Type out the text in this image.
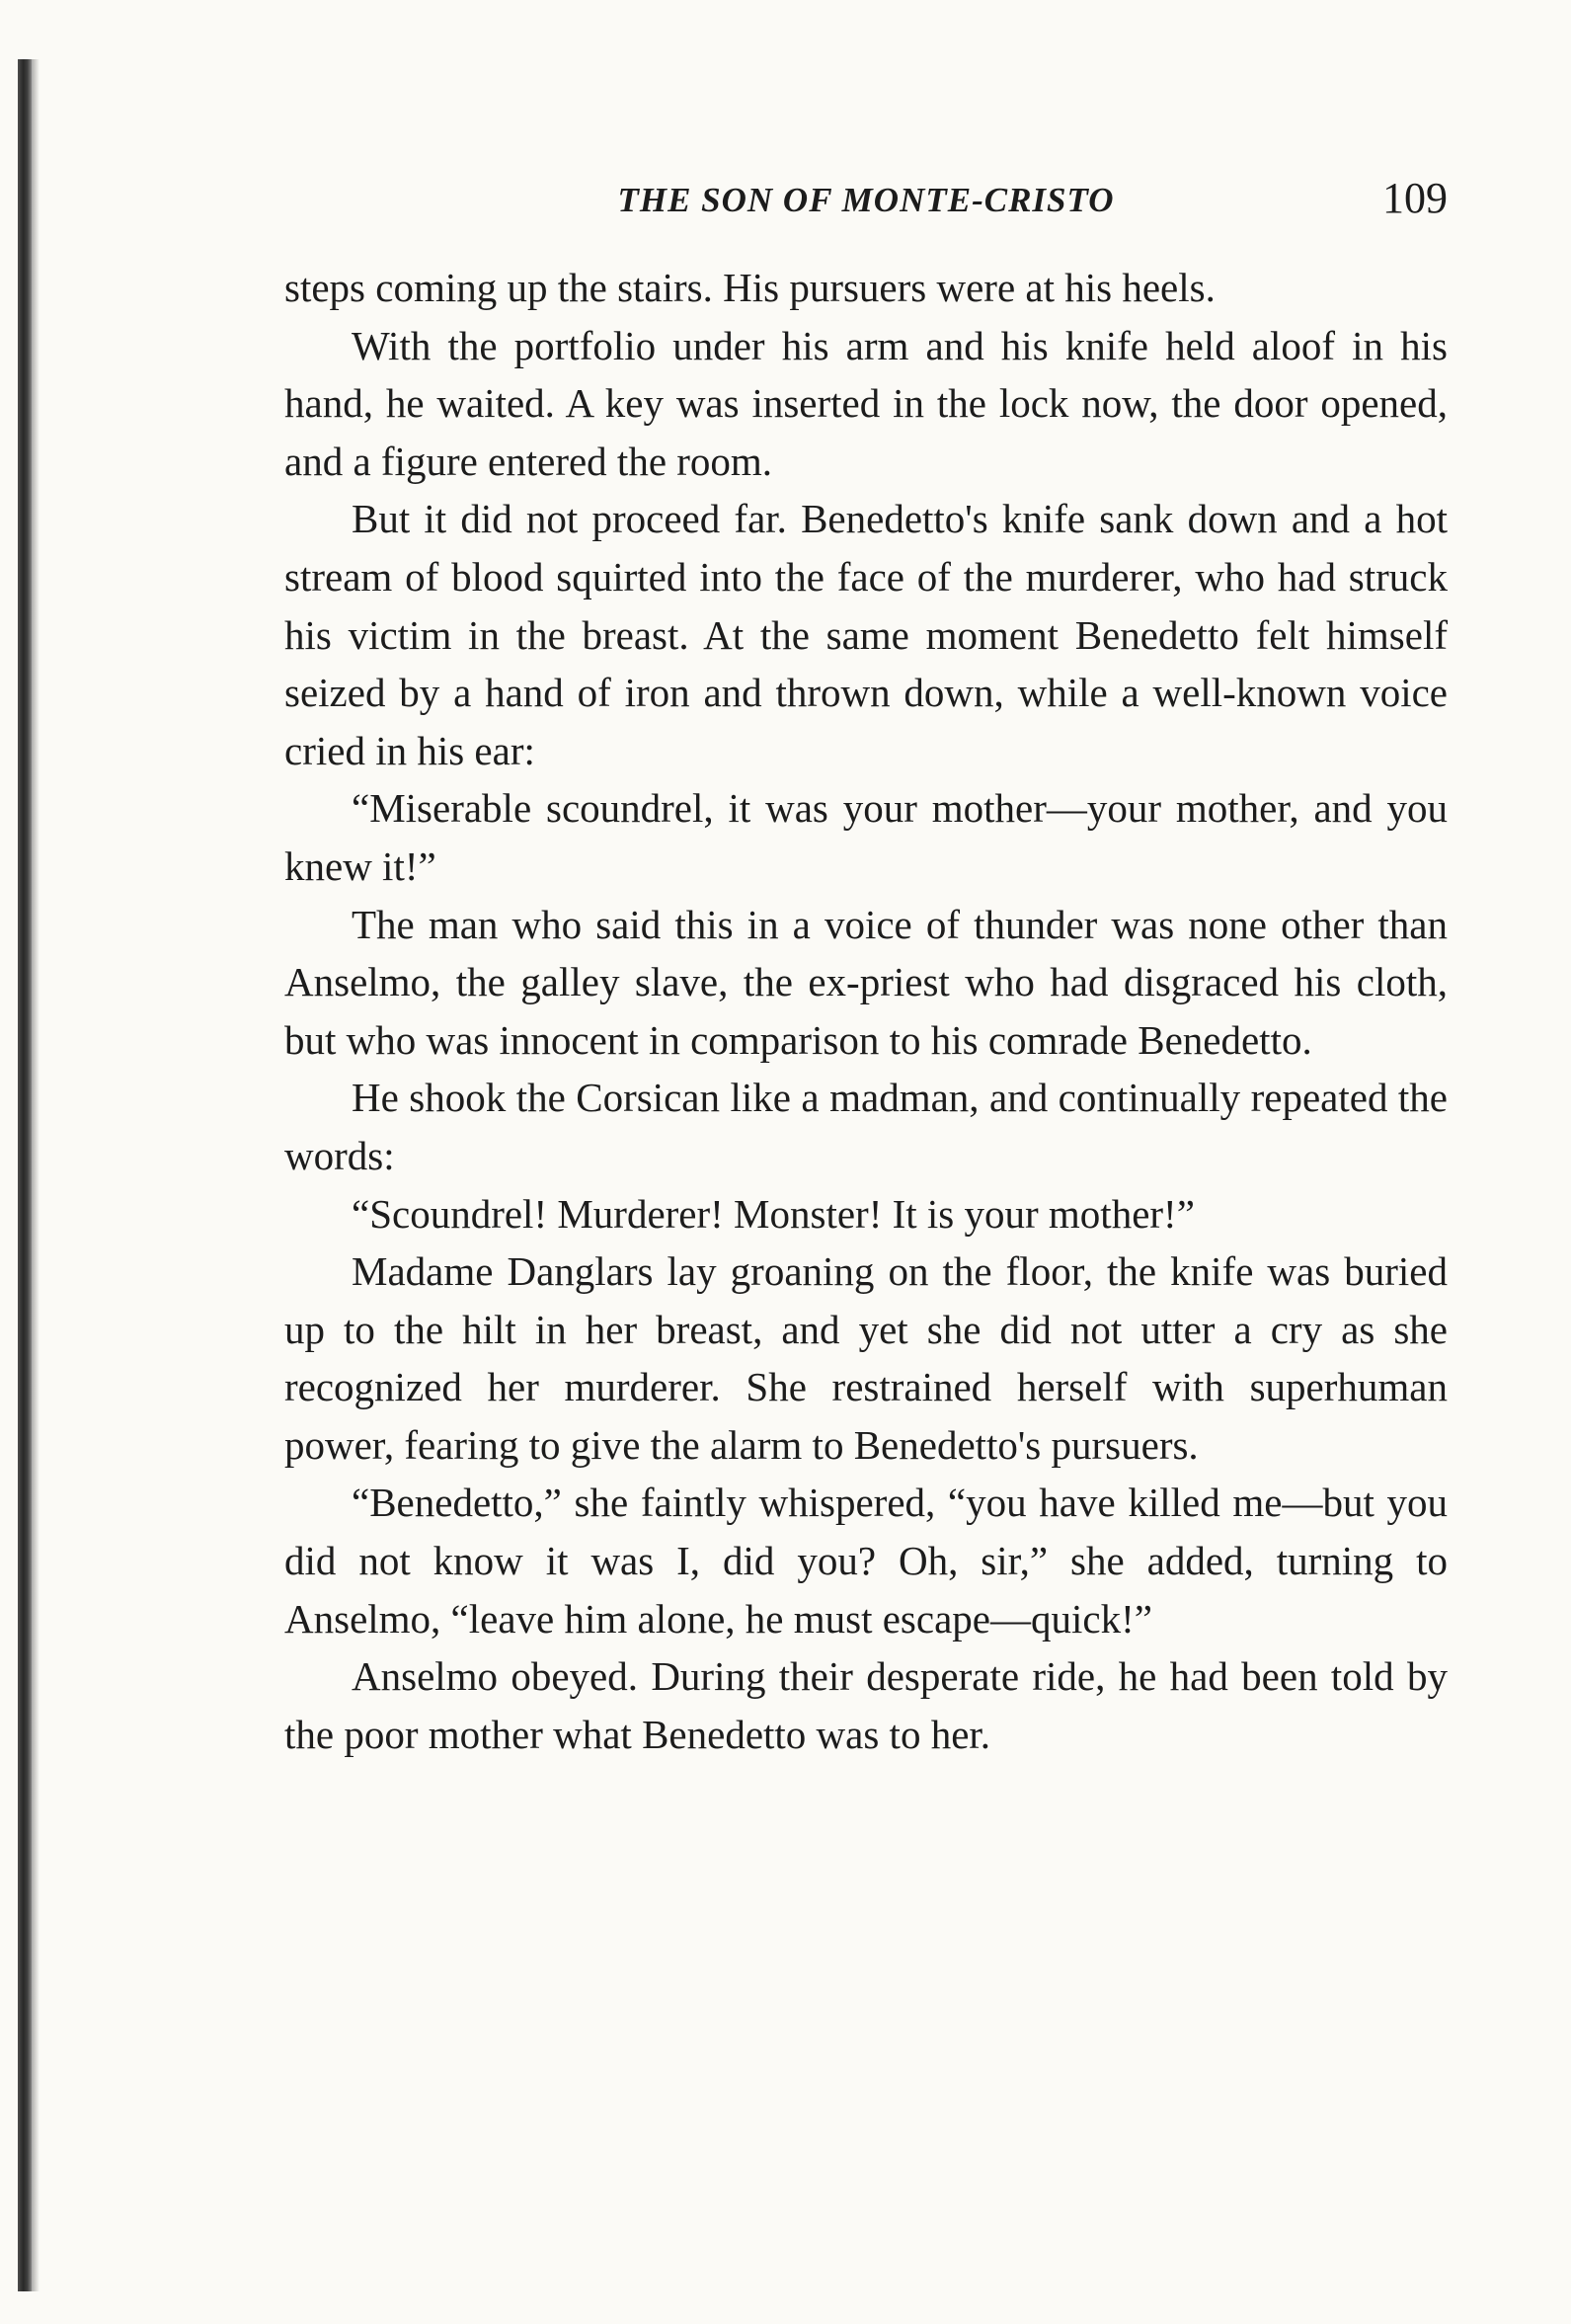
THE SON OF MONTE-CRISTO	109

steps coming up the stairs. His pursuers were at his heels.

With the portfolio under his arm and his knife held aloof in his hand, he waited. A key was inserted in the lock now, the door opened, and a figure entered the room.

But it did not proceed far. Benedetto's knife sank down and a hot stream of blood squirted into the face of the murderer, who had struck his victim in the breast. At the same moment Benedetto felt himself seized by a hand of iron and thrown down, while a well-known voice cried in his ear:

“Miserable scoundrel, it was your mother—your mother, and you knew it!”

The man who said this in a voice of thunder was none other than Anselmo, the galley slave, the ex-priest who had disgraced his cloth, but who was innocent in comparison to his comrade Benedetto.

He shook the Corsican like a madman, and continually repeated the words:

“Scoundrel! Murderer! Monster! It is your mother!”

Madame Danglars lay groaning on the floor, the knife was buried up to the hilt in her breast, and yet she did not utter a cry as she recognized her murderer. She restrained herself with superhuman power, fearing to give the alarm to Benedetto's pursuers.

“Benedetto,” she faintly whispered, “you have killed me—but you did not know it was I, did you? Oh, sir,” she added, turning to Anselmo, “leave him alone, he must escape—quick!”

Anselmo obeyed. During their desperate ride, he had been told by the poor mother what Benedetto was to her.
